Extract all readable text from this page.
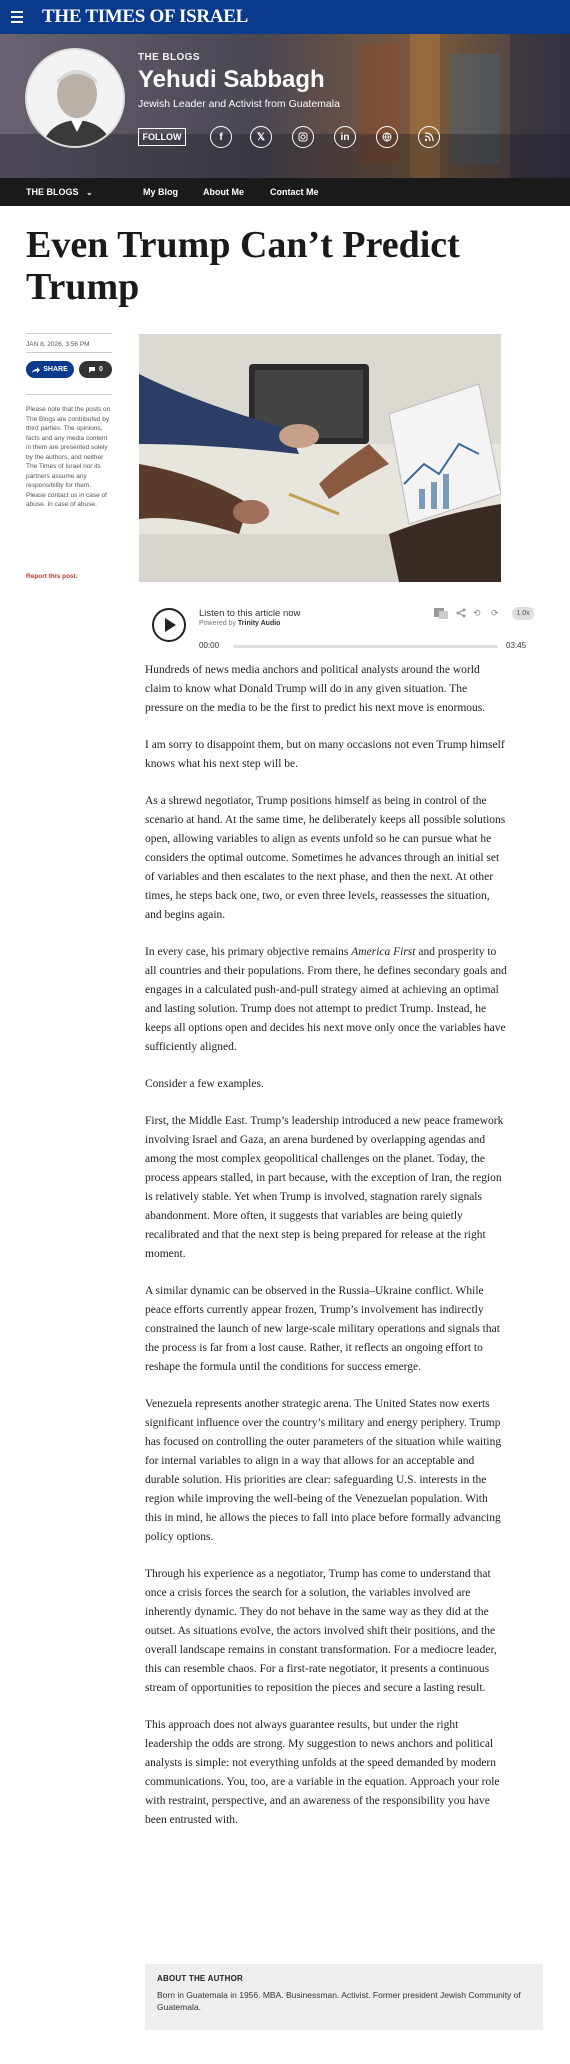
THE TIMES OF ISRAEL
THE BLOGS
Yehudi Sabbagh
Jewish Leader and Activist from Guatemala
FOLLOW	f	𝕏	in
THE BLOGS ⌄	My Blog	About Me	Contact Me
Even Trump Can’t Predict Trump
JAN 8, 2026, 3:56 PM
SHARE	0
Please note that the posts on The Blogs are contributed by third parties. The opinions, facts and any media content in them are presented solely by the authors, and neither The Times of Israel nor its partners assume any responsibility for them. Please contact us in case of abuse. In case of abuse,
Report this post.
Listen to this article now
Powered by Trinity Audio
⟲ ⟳	1.0x
00:00	03:45

Hundreds of news media anchors and political analysts around the world claim to know what Donald Trump will do in any given situation. The pressure on the media to be the first to predict his next move is enormous.

I am sorry to disappoint them, but on many occasions not even Trump himself knows what his next step will be.

As a shrewd negotiator, Trump positions himself as being in control of the scenario at hand. At the same time, he deliberately keeps all possible solutions open, allowing variables to align as events unfold so he can pursue what he considers the optimal outcome. Sometimes he advances through an initial set of variables and then escalates to the next phase, and then the next. At other times, he steps back one, two, or even three levels, reassesses the situation, and begins again.

In every case, his primary objective remains America First and prosperity to all countries and their populations. From there, he defines secondary goals and engages in a calculated push-and-pull strategy aimed at achieving an optimal and lasting solution. Trump does not attempt to predict Trump. Instead, he keeps all options open and decides his next move only once the variables have sufficiently aligned.

Consider a few examples.

First, the Middle East. Trump’s leadership introduced a new peace framework involving Israel and Gaza, an arena burdened by overlapping agendas and among the most complex geopolitical challenges on the planet. Today, the process appears stalled, in part because, with the exception of Iran, the region is relatively stable. Yet when Trump is involved, stagnation rarely signals abandonment. More often, it suggests that variables are being quietly recalibrated and that the next step is being prepared for release at the right moment.

A similar dynamic can be observed in the Russia–Ukraine conflict. While peace efforts currently appear frozen, Trump’s involvement has indirectly constrained the launch of new large-scale military operations and signals that the process is far from a lost cause. Rather, it reflects an ongoing effort to reshape the formula until the conditions for success emerge.

Venezuela represents another strategic arena. The United States now exerts significant influence over the country’s military and energy periphery. Trump has focused on controlling the outer parameters of the situation while waiting for internal variables to align in a way that allows for an acceptable and durable solution. His priorities are clear: safeguarding U.S. interests in the region while improving the well-being of the Venezuelan population. With this in mind, he allows the pieces to fall into place before formally advancing policy options.

Through his experience as a negotiator, Trump has come to understand that once a crisis forces the search for a solution, the variables involved are inherently dynamic. They do not behave in the same way as they did at the outset. As situations evolve, the actors involved shift their positions, and the overall landscape remains in constant transformation. For a mediocre leader, this can resemble chaos. For a first-rate negotiator, it presents a continuous stream of opportunities to reposition the pieces and secure a lasting result.

This approach does not always guarantee results, but under the right leadership the odds are strong. My suggestion to news anchors and political analysts is simple: not everything unfolds at the speed demanded by modern communications. You, too, are a variable in the equation. Approach your role with restraint, perspective, and an awareness of the responsibility you have been entrusted with.

ABOUT THE AUTHOR
Born in Guatemala in 1956. MBA. Businessman. Activist. Former president Jewish Community of Guatemala.
